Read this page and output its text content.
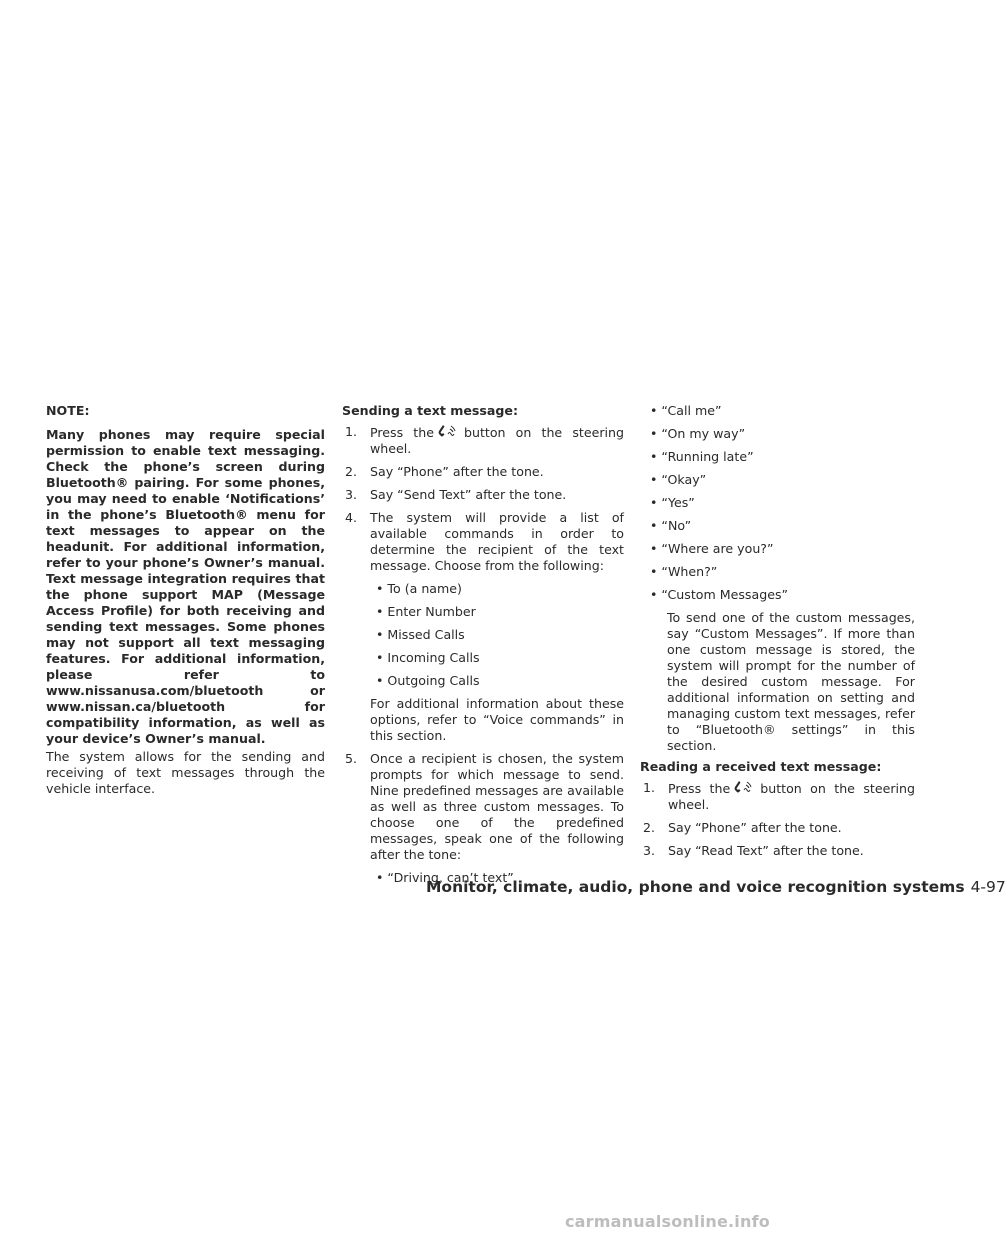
NOTE:

Many phones may require special permission to enable text messaging. Check the phone’s screen during Bluetooth® pairing. For some phones, you may need to enable ‘Notifications’ in the phone’s Bluetooth® menu for text messages to appear on the headunit. For additional information, refer to your phone’s Owner’s manual. Text message integration requires that the phone support MAP (Message Access Profile) for both receiving and sending text messages. Some phones may not support all text messaging features. For additional information, please refer to www.nissanusa.com/bluetooth or www.nissan.ca/bluetooth for compatibility information, as well as your device’s Owner’s manual.

The system allows for the sending and receiving of text messages through the vehicle interface.

Sending a text message:

1. Press the button on the steering wheel.
2. Say “Phone” after the tone.
3. Say “Send Text” after the tone.
4. The system will provide a list of available commands in order to determine the recipient of the text message. Choose from the following:

• To (a name)

• Enter Number

• Missed Calls

• Incoming Calls

• Outgoing Calls

For additional information about these options, refer to “Voice commands” in this section.

5. Once a recipient is chosen, the system prompts for which message to send. Nine predefined messages are available as well as three custom messages. To choose one of the predefined messages, speak one of the following after the tone:

• “Driving, can’t text”

• “Call me”

• “On my way”

• “Running late”

• “Okay”

• “Yes”

• “No”

• “Where are you?”

• “When?”

• “Custom Messages”

To send one of the custom messages, say “Custom Messages”. If more than one custom message is stored, the system will prompt for the number of the desired custom message. For additional information on setting and managing custom text messages, refer to “Bluetooth® settings” in this section.

Reading a received text message:

1. Press the button on the steering wheel.
2. Say “Phone” after the tone.
3. Say “Read Text” after the tone.
Monitor, climate, audio, phone and voice recognition systems 4-97
carmanualsonline.info
